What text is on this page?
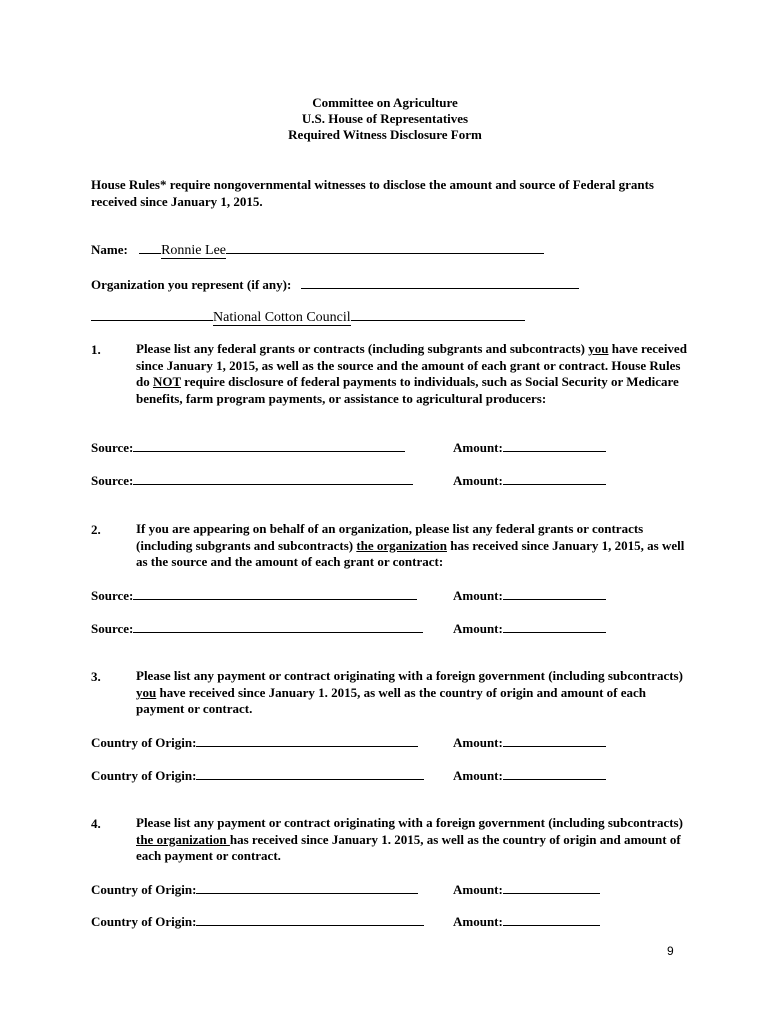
Committee on Agriculture
U.S. House of Representatives
Required Witness Disclosure Form
House Rules* require nongovernmental witnesses to disclose the amount and source of Federal grants received since January 1, 2015.
Name: Ronnie Lee
Organization you represent (if any):
National Cotton Council
1.	Please list any federal grants or contracts (including subgrants and subcontracts) you have received since January 1, 2015, as well as the source and the amount of each grant or contract. House Rules do NOT require disclosure of federal payments to individuals, such as Social Security or Medicare benefits, farm program payments, or assistance to agricultural producers:
Source:	Amount:
Source:	Amount:
2.	If you are appearing on behalf of an organization, please list any federal grants or contracts (including subgrants and subcontracts) the organization has received since January 1, 2015, as well as the source and the amount of each grant or contract:
Source:	Amount:
Source:	Amount:
3.	Please list any payment or contract originating with a foreign government (including subcontracts) you have received since January 1. 2015, as well as the country of origin and amount of each payment or contract.
Country of Origin:	Amount:
Country of Origin:	Amount:
4.	Please list any payment or contract originating with a foreign government (including subcontracts) the organization has received since January 1. 2015, as well as the country of origin and amount of each payment or contract.
Country of Origin:	Amount:
Country of Origin:	Amount:
9
